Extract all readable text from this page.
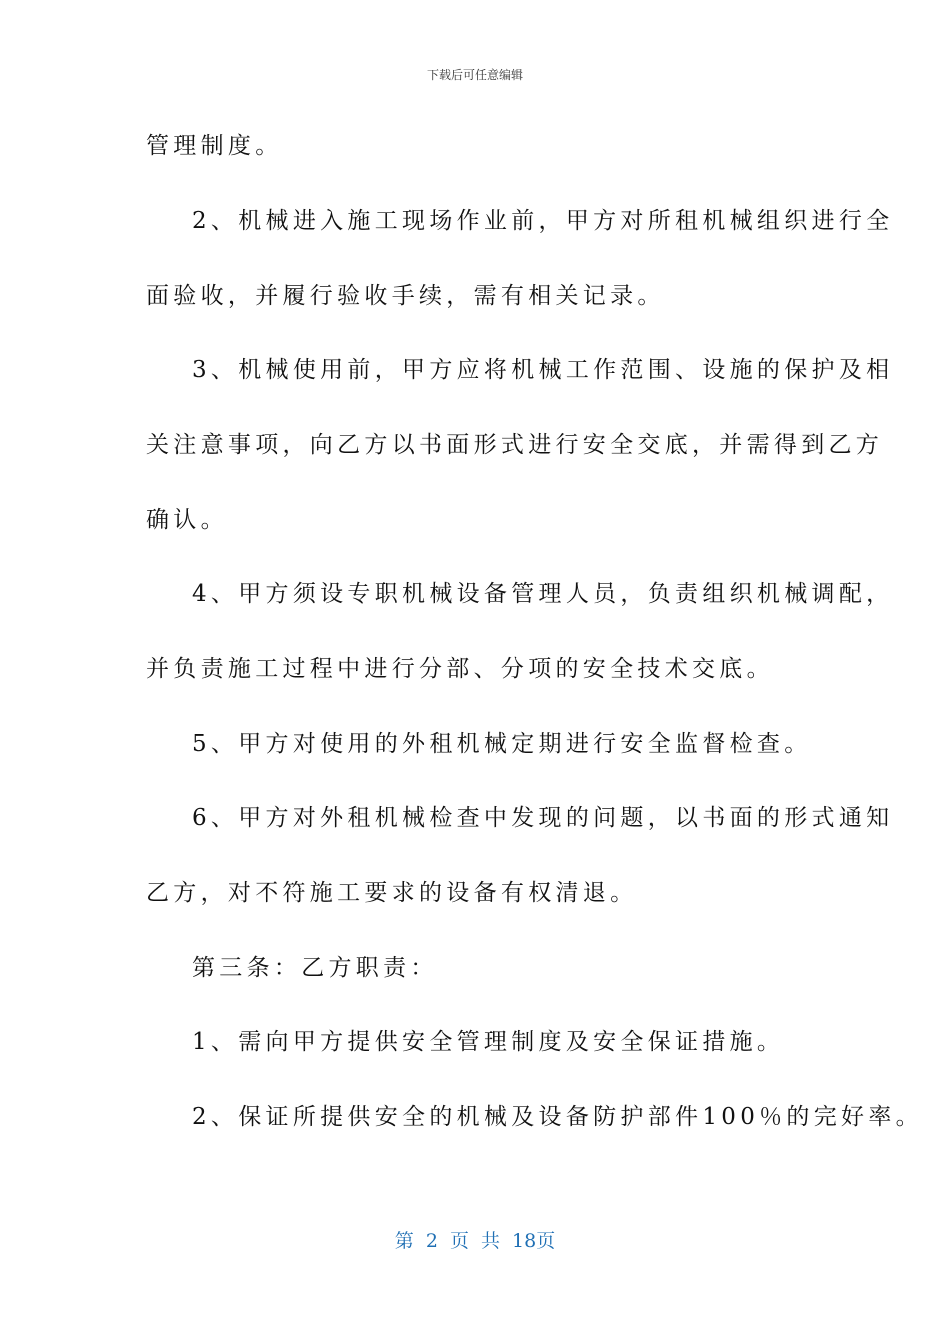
下载后可任意编辑
管理制度。
2、机械进入施工现场作业前，甲方对所租机械组织进行全
面验收，并履行验收手续，需有相关记录。
3、机械使用前，甲方应将机械工作范围、设施的保护及相
关注意事项，向乙方以书面形式进行安全交底，并需得到乙方
确认。
4、甲方须设专职机械设备管理人员，负责组织机械调配，
并负责施工过程中进行分部、分项的安全技术交底。
5、甲方对使用的外租机械定期进行安全监督检查。
6、甲方对外租机械检查中发现的问题，以书面的形式通知
乙方，对不符施工要求的设备有权清退。
第三条：乙方职责：
1、需向甲方提供安全管理制度及安全保证措施。
2、保证所提供安全的机械及设备防护部件100％的完好率。
第 2 页 共 18页
